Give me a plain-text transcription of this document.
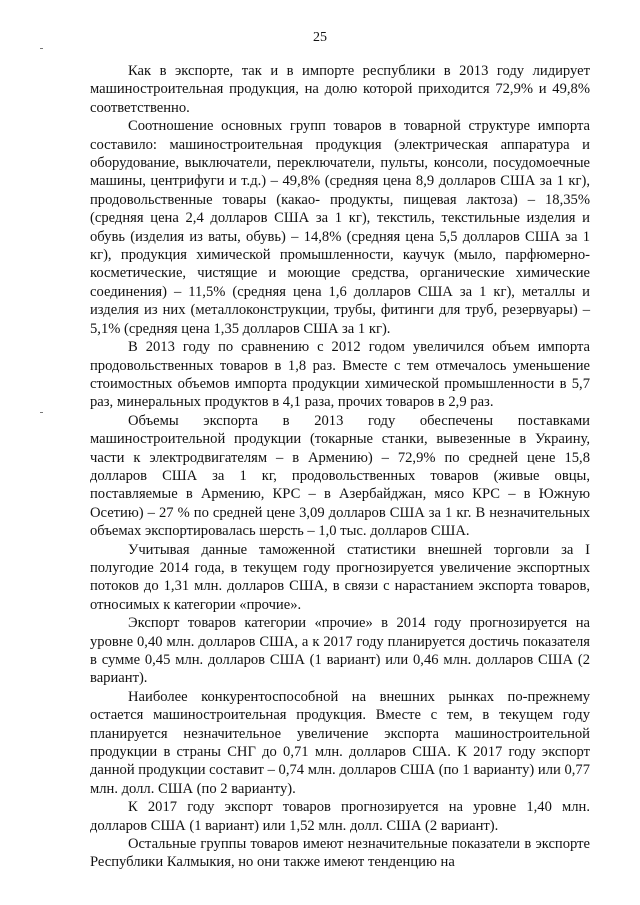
25

Как в экспорте, так и в импорте республики в 2013 году лидирует машиностроительная продукция, на долю которой приходится 72,9% и 49,8% соответственно.

Соотношение основных групп товаров в товарной структуре импорта составило: машиностроительная продукция (электрическая аппаратура и оборудование, выключатели, переключатели, пульты, консоли, посудомоечные машины, центрифуги и т.д.) – 49,8% (средняя цена 8,9 долларов США за 1 кг), продовольственные товары (какао- продукты, пищевая лактоза) – 18,35% (средняя цена 2,4 долларов США за 1 кг), текстиль, текстильные изделия и обувь (изделия из ваты, обувь) – 14,8% (средняя цена 5,5 долларов США за 1 кг), продукция химической промышленности, каучук (мыло, парфюмерно-косметические, чистящие и моющие средства, органические химические соединения) – 11,5% (средняя цена 1,6 долларов США за 1 кг), металлы и изделия из них (металлоконструкции, трубы, фитинги для труб, резервуары) – 5,1% (средняя цена 1,35 долларов США за 1 кг).

В 2013 году по сравнению с 2012 годом увеличился объем импорта продовольственных товаров в 1,8 раз. Вместе с тем отмечалось уменьшение стоимостных объемов импорта продукции химической промышленности в 5,7 раз, минеральных продуктов в 4,1 раза, прочих товаров в 2,9 раз.

Объемы экспорта в 2013 году обеспечены поставками машиностроительной продукции (токарные станки, вывезенные в Украину, части к электродвигателям – в Армению) – 72,9% по средней цене 15,8 долларов США за 1 кг, продовольственных товаров (живые овцы, поставляемые в Армению, КРС – в Азербайджан, мясо КРС – в Южную Осетию) – 27 % по средней цене 3,09 долларов США за 1 кг. В незначительных объемах экспортировалась шерсть – 1,0 тыс. долларов США.

Учитывая данные таможенной статистики внешней торговли за I полугодие 2014 года, в текущем году прогнозируется увеличение экспортных потоков до 1,31 млн. долларов США, в связи с нарастанием экспорта товаров, относимых к категории «прочие».

Экспорт товаров категории «прочие» в 2014 году прогнозируется на уровне 0,40 млн. долларов США, а к 2017 году планируется достичь показателя в сумме 0,45 млн. долларов США (1 вариант) или 0,46 млн. долларов США (2 вариант).

Наиболее конкурентоспособной на внешних рынках по-прежнему остается машиностроительная продукция. Вместе с тем, в текущем году планируется незначительное увеличение экспорта машиностроительной продукции в страны СНГ до 0,71 млн. долларов США. К 2017 году экспорт данной продукции составит – 0,74 млн. долларов США (по 1 варианту) или 0,77 млн. долл. США (по 2 варианту).

К 2017 году экспорт товаров прогнозируется на уровне 1,40 млн. долларов США (1 вариант) или 1,52 млн. долл. США (2 вариант).

Остальные группы товаров имеют незначительные показатели в экспорте Республики Калмыкия, но они также имеют тенденцию на
